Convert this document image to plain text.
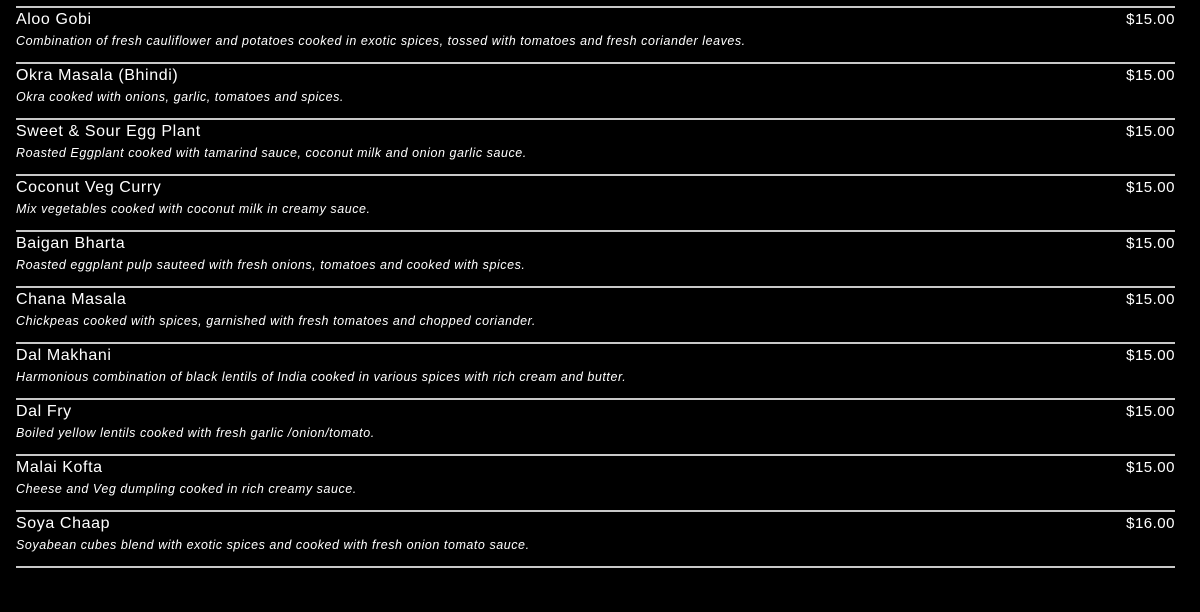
Aloo Gobi	$15.00
Combination of fresh cauliflower and potatoes cooked in exotic spices, tossed with tomatoes and fresh coriander leaves.
Okra Masala (Bhindi)	$15.00
Okra cooked with onions, garlic, tomatoes and spices.
Sweet & Sour Egg Plant	$15.00
Roasted Eggplant cooked with tamarind sauce, coconut milk and onion garlic sauce.
Coconut Veg Curry	$15.00
Mix vegetables cooked with coconut milk in creamy sauce.
Baigan Bharta	$15.00
Roasted eggplant pulp sauteed with fresh onions, tomatoes and cooked with spices.
Chana Masala	$15.00
Chickpeas cooked with spices, garnished with fresh tomatoes and chopped coriander.
Dal Makhani	$15.00
Harmonious combination of black lentils of India cooked in various spices with rich cream and butter.
Dal Fry	$15.00
Boiled yellow lentils cooked with fresh garlic /onion/tomato.
Malai Kofta	$15.00
Cheese and Veg dumpling cooked in rich creamy sauce.
Soya Chaap	$16.00
Soyabean cubes blend with exotic spices and cooked with fresh onion tomato sauce.
